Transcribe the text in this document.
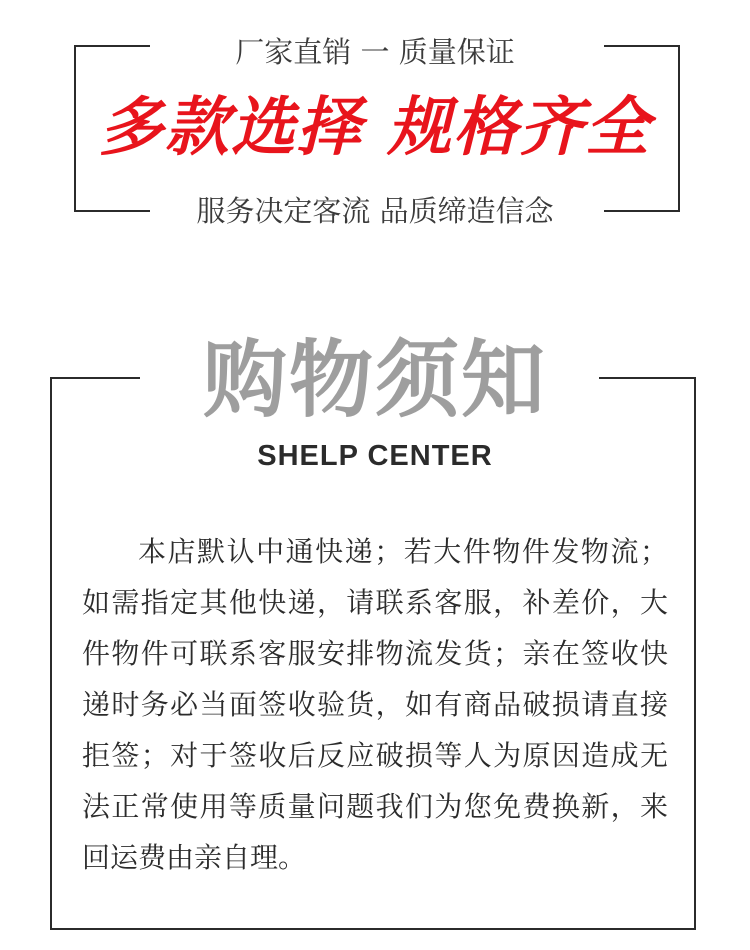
厂家直销 一 质量保证
多款选择 规格齐全
服务决定客流 品质缔造信念
购物须知
SHELP CENTER

本店默认中通快递；若大件物件发物流；如需指定其他快递，请联系客服，补差价，大件物件可联系客服安排物流发货；亲在签收快递时务必当面签收验货，如有商品破损请直接拒签；对于签收后反应破损等人为原因造成无法正常使用等质量问题我们为您免费换新，来回运费由亲自理。
